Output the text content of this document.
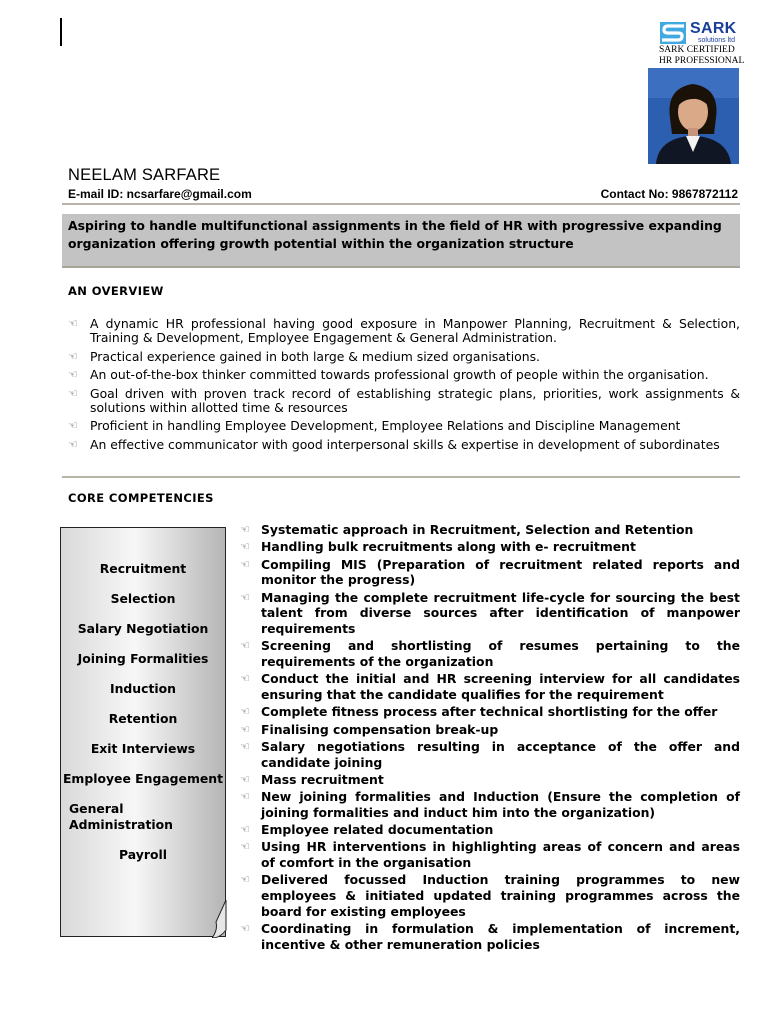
SARK
solutions ltd
SARK CERTIFIED
HR PROFESSIONAL
NEELAM SARFARE
E-mail ID: ncsarfare@gmail.com	Contact No: 9867872112
Aspiring to handle multifunctional assignments in the field of HR with progressive expanding organization offering growth potential within the organization structure
AN OVERVIEW
☜ A dynamic HR professional having good exposure in Manpower Planning, Recruitment & Selection, Training & Development, Employee Engagement & General Administration.
☜ Practical experience gained in both large & medium sized organisations.
☜ An out-of-the-box thinker committed towards professional growth of people within the organisation.
☜ Goal driven with proven track record of establishing strategic plans, priorities, work assignments & solutions within allotted time & resources
☜ Proficient in handling Employee Development, Employee Relations and Discipline Management
☜ An effective communicator with good interpersonal skills & expertise in development of subordinates
CORE COMPETENCIES
Recruitment
Selection
Salary Negotiation
Joining Formalities
Induction
Retention
Exit Interviews
Employee Engagement
General Administration
Payroll
☜ Systematic approach in Recruitment, Selection and Retention
☜ Handling bulk recruitments along with e- recruitment
☜ Compiling MIS (Preparation of recruitment related reports and monitor the progress)
☜ Managing the complete recruitment life-cycle for sourcing the best talent from diverse sources after identification of manpower requirements
☜ Screening and shortlisting of resumes pertaining to the requirements of the organization
☜ Conduct the initial and HR screening interview for all candidates ensuring that the candidate qualifies for the requirement
☜ Complete fitness process after technical shortlisting for the offer
☜ Finalising compensation break-up
☜ Salary negotiations resulting in acceptance of the offer and candidate joining
☜ Mass recruitment
☜ New joining formalities and Induction (Ensure the completion of joining formalities and induct him into the organization)
☜ Employee related documentation
☜ Using HR interventions in highlighting areas of concern and areas of comfort in the organisation
☜ Delivered focussed Induction training programmes to new employees & initiated updated training programmes across the board for existing employees
☜ Coordinating in formulation & implementation of increment, incentive & other remuneration policies
